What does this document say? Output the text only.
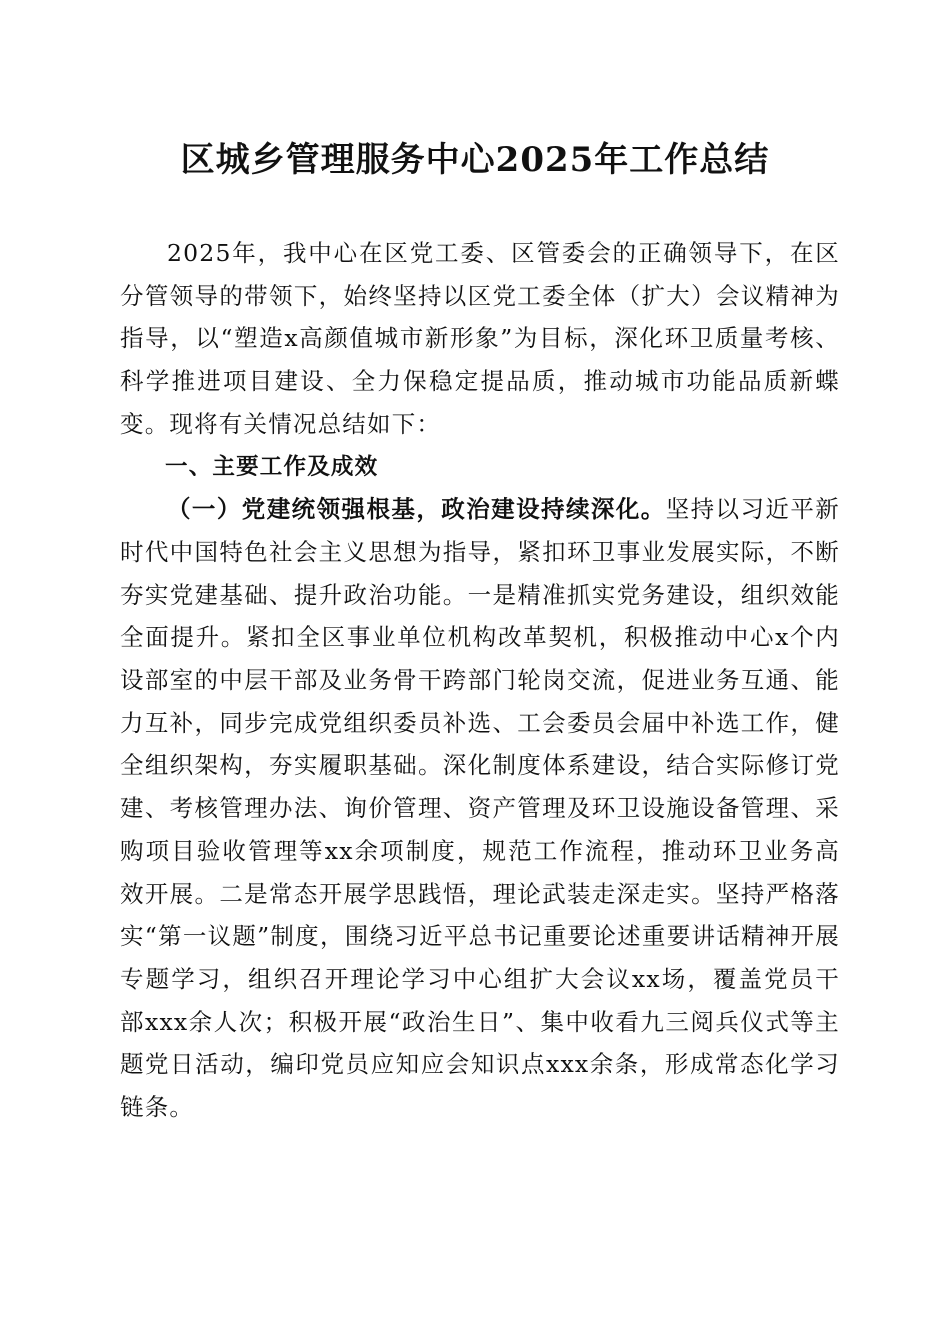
区城乡管理服务中心2025年工作总结

2025年，我中心在区党工委、区管委会的正确领导下，在区分管领导的带领下，始终坚持以区党工委全体（扩大）会议精神为指导，以“塑造x高颜值城市新形象”为目标，深化环卫质量考核、科学推进项目建设、全力保稳定提品质，推动城市功能品质新蝶变。现将有关情况总结如下：

一、主要工作及成效

（一）党建统领强根基，政治建设持续深化。坚持以习近平新时代中国特色社会主义思想为指导，紧扣环卫事业发展实际，不断夯实党建基础、提升政治功能。一是精准抓实党务建设，组织效能全面提升。紧扣全区事业单位机构改革契机，积极推动中心x个内设部室的中层干部及业务骨干跨部门轮岗交流，促进业务互通、能力互补，同步完成党组织委员补选、工会委员会届中补选工作，健全组织架构，夯实履职基础。深化制度体系建设，结合实际修订党建、考核管理办法、询价管理、资产管理及环卫设施设备管理、采购项目验收管理等xx余项制度，规范工作流程，推动环卫业务高效开展。二是常态开展学思践悟，理论武装走深走实。坚持严格落实“第一议题”制度，围绕习近平总书记重要论述重要讲话精神开展专题学习，组织召开理论学习中心组扩大会议xx场，覆盖党员干部xxx余人次；积极开展“政治生日”、集中收看九三阅兵仪式等主题党日活动，编印党员应知应会知识点xxx余条，形成常态化学习链条。
